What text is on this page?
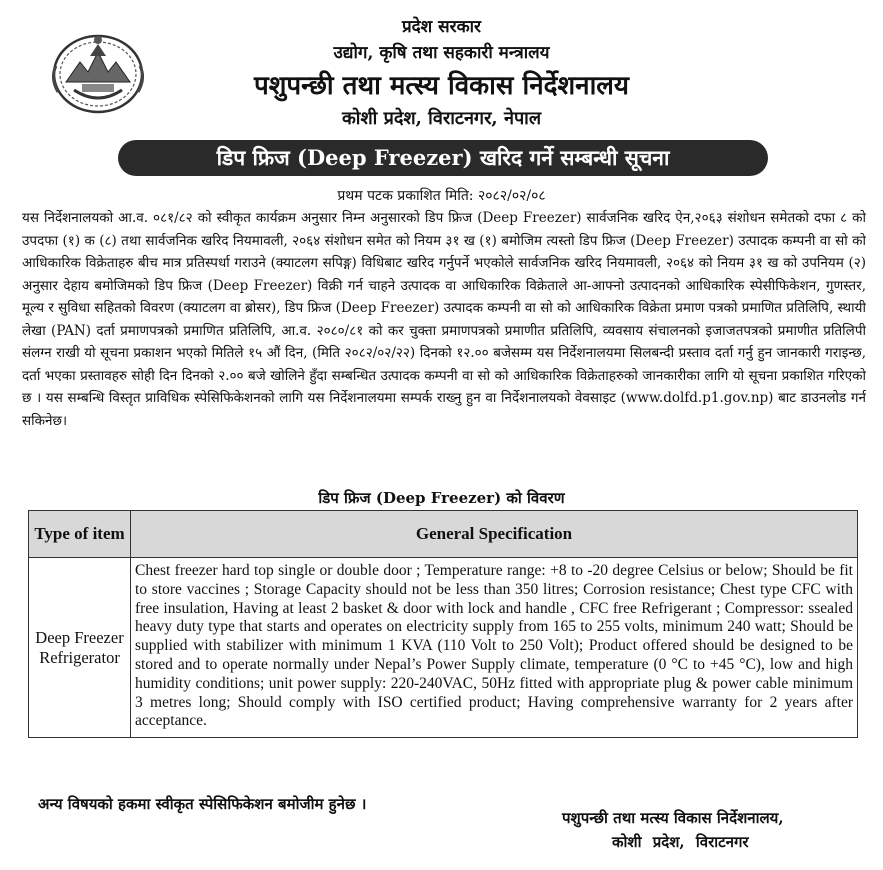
प्रदेश सरकार
उद्योग, कृषि तथा सहकारी मन्त्रालय
पशुपन्छी तथा मत्स्य विकास निर्देशनालय
कोशी प्रदेश, विराटनगर, नेपाल
डिप फ्रिज (Deep Freezer) खरिद गर्ने सम्बन्धी सूचना
प्रथम पटक प्रकाशित मिति: २०८२/०२/०८

यस निर्देशनालयको आ.व. ०८१/८२ को स्वीकृत कार्यक्रम अनुसार निम्न अनुसारको डिप फ्रिज (Deep Freezer) सार्वजनिक खरिद ऐन,२०६३ संशोधन समेतको दफा ८ को उपदफा (१) क (८) तथा सार्वजनिक खरिद नियमावली, २०६४ संशोधन समेत को नियम ३१ ख (१) बमोजिम त्यस्तो डिप फ्रिज (Deep Freezer) उत्पादक कम्पनी वा सो को आधिकारिक विक्रेताहरु बीच मात्र प्रतिस्पर्धा गराउने (क्याटलग सपिङ्ग) विधिबाट खरिद गर्नुपर्ने भएकोले सार्वजनिक खरिद नियमावली, २०६४ को नियम ३१ ख को उपनियम (२) अनुसार देहाय बमोजिमको डिप फ्रिज (Deep Freezer) विक्री गर्न चाहने उत्पादक वा आधिकारिक विक्रेताले आ-आफ्नो उत्पादनको आधिकारिक स्पेसीफिकेशन, गुणस्तर, मूल्य र सुविधा सहितको विवरण (क्याटलग वा ब्रोसर), डिप फ्रिज (Deep Freezer) उत्पादक कम्पनी वा सो को आधिकारिक विक्रेता प्रमाण पत्रको प्रमाणित प्रतिलिपि, स्थायी लेखा (PAN) दर्ता प्रमाणपत्रको प्रमाणित प्रतिलिपि, आ.व. २०८०/८१ को कर चुक्ता प्रमाणपत्रको प्रमाणीत प्रतिलिपि, व्यवसाय संचालनको इजाजतपत्रको प्रमाणीत प्रतिलिपी संलग्न राखी यो सूचना प्रकाशन भएको मितिले १५ औं दिन, (मिति २०८२/०२/२२) दिनको १२.०० बजेसम्म यस निर्देशनालयमा सिलबन्दी प्रस्ताव दर्ता गर्नु हुन जानकारी गराइन्छ, दर्ता भएका प्रस्तावहरु सोही दिन दिनको २.०० बजे खोलिने हुँदा सम्बन्धित उत्पादक कम्पनी वा सो को आधिकारिक विक्रेताहरुको जानकारीका लागि यो सूचना प्रकाशित गरिएको छ । यस सम्बन्धि विस्तृत प्राविधिक स्पेसिफिकेशनको लागि यस निर्देशनालयमा सम्पर्क राख्नु हुन वा निर्देशनालयको वेवसाइट (www.dolfd.p1.gov.np) बाट डाउनलोड गर्न सकिनेछ।

डिप फ्रिज (Deep Freezer) को विवरण
Type of item	General Specification
Deep Freezer Refrigerator	Chest freezer hard top single or double door ; Temperature range: +8 to -20 degree Celsius or below; Should be fit to store vaccines ; Storage Capacity should not be less than 350 litres; Corrosion resistance; Chest type CFC with free insulation, Having at least 2 basket & door with lock and handle , CFC free Refrigerant ; Compressor: ssealed heavy duty type that starts and operates on electricity supply from 165 to 255 volts, minimum 240 watt; Should be supplied with stabilizer with minimum 1 KVA (110 Volt to 250 Volt); Product offered should be designed to be stored and to operate normally under Nepal’s Power Supply climate, temperature (0 °C to +45 °C), low and high humidity conditions; unit power supply: 220-240VAC, 50Hz fitted with appropriate plug & power cable minimum 3 metres long; Should comply with ISO certified product; Having comprehensive warranty for 2 years after acceptance.
अन्य विषयको हकमा स्वीकृत स्पेसिफिकेशन बमोजीम हुनेछ ।
पशुपन्छी तथा मत्स्य विकास निर्देशनालय,
कोशी प्रदेश, विराटनगर
